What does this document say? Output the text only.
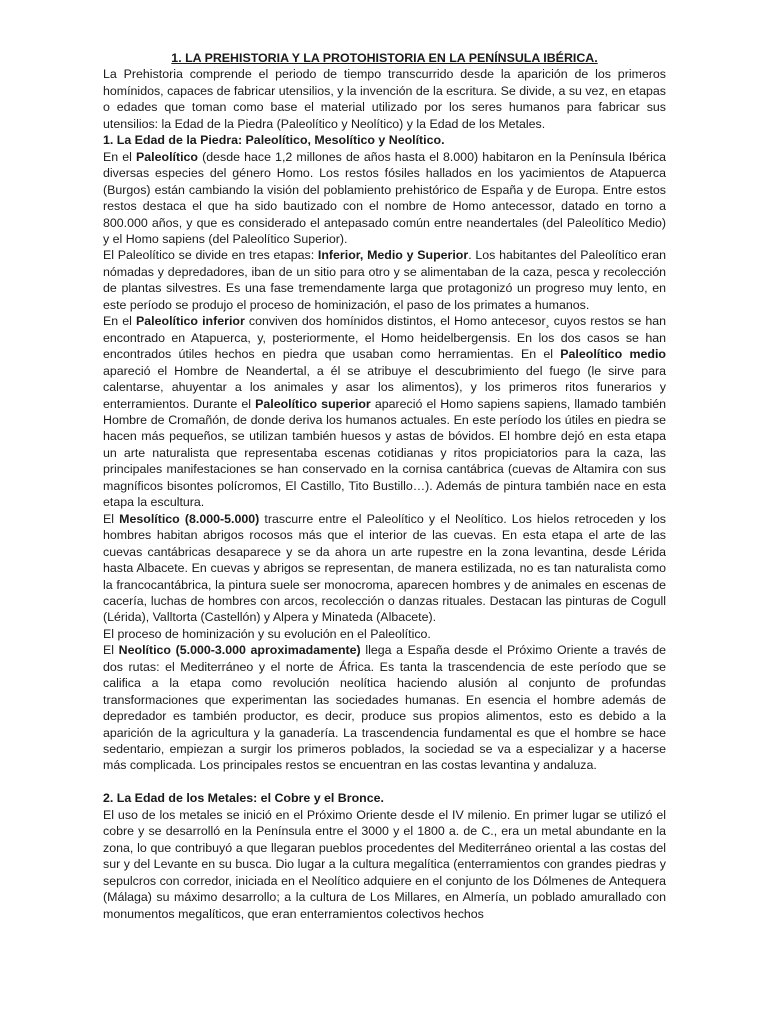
1. LA PREHISTORIA Y LA PROTOHISTORIA EN LA PENÍNSULA IBÉRICA.

La Prehistoria comprende el periodo de tiempo transcurrido desde la aparición de los primeros homínidos, capaces de fabricar utensilios, y la invención de la escritura. Se divide, a su vez, en etapas o edades que toman como base el material utilizado por los seres humanos para fabricar sus utensilios: la Edad de la Piedra (Paleolítico y Neolítico) y la Edad de los Metales.

1. La Edad de la Piedra: Paleolítico, Mesolítico y Neolítico.

En el Paleolítico (desde hace 1,2 millones de años hasta el 8.000) habitaron en la Península Ibérica diversas especies del género Homo. Los restos fósiles hallados en los yacimientos de Atapuerca (Burgos) están cambiando la visión del poblamiento prehistórico de España y de Europa. Entre estos restos destaca el que ha sido bautizado con el nombre de Homo antecessor, datado en torno a 800.000 años, y que es considerado el antepasado común entre neandertales (del Paleolítico Medio) y el Homo sapiens (del Paleolítico Superior).

El Paleolítico se divide en tres etapas: Inferior, Medio y Superior. Los habitantes del Paleolítico eran nómadas y depredadores, iban de un sitio para otro y se alimentaban de la caza, pesca y recolección de plantas silvestres. Es una fase tremendamente larga que protagonizó un progreso muy lento, en este período se produjo el proceso de hominización, el paso de los primates a humanos.

En el Paleolítico inferior conviven dos homínidos distintos, el Homo antecesor¸ cuyos restos se han encontrado en Atapuerca, y, posteriormente, el Homo heidelbergensis. En los dos casos se han encontrados útiles hechos en piedra que usaban como herramientas. En el Paleolítico medio apareció el Hombre de Neandertal, a él se atribuye el descubrimiento del fuego (le sirve para calentarse, ahuyentar a los animales y asar los alimentos), y los primeros ritos funerarios y enterramientos. Durante el Paleolítico superior apareció el Homo sapiens sapiens, llamado también Hombre de Cromañón, de donde deriva los humanos actuales. En este período los útiles en piedra se hacen más pequeños, se utilizan también huesos y astas de bóvidos. El hombre dejó en esta etapa un arte naturalista que representaba escenas cotidianas y ritos propiciatorios para la caza, las principales manifestaciones se han conservado en la cornisa cantábrica (cuevas de Altamira con sus magníficos bisontes polícromos, El Castillo, Tito Bustillo…). Además de pintura también nace en esta etapa la escultura.

El Mesolítico (8.000-5.000) trascurre entre el Paleolítico y el Neolítico. Los hielos retroceden y los hombres habitan abrigos rocosos más que el interior de las cuevas. En esta etapa el arte de las cuevas cantábricas desaparece y se da ahora un arte rupestre en la zona levantina, desde Lérida hasta Albacete. En cuevas y abrigos se representan, de manera estilizada, no es tan naturalista como la francocantábrica, la pintura suele ser monocroma, aparecen hombres y de animales en escenas de cacería, luchas de hombres con arcos, recolección o danzas rituales. Destacan las pinturas de Cogull (Lérida), Valltorta (Castellón) y Alpera y Minateda (Albacete).

El proceso de hominización y su evolución en el Paleolítico.

El Neolítico (5.000-3.000 aproximadamente) llega a España desde el Próximo Oriente a través de dos rutas: el Mediterráneo y el norte de África. Es tanta la trascendencia de este período que se califica a la etapa como revolución neolítica haciendo alusión al conjunto de profundas transformaciones que experimentan las sociedades humanas. En esencia el hombre además de depredador es también productor, es decir, produce sus propios alimentos, esto es debido a la aparición de la agricultura y la ganadería. La trascendencia fundamental es que el hombre se hace sedentario, empiezan a surgir los primeros poblados, la sociedad se va a especializar y a hacerse más complicada. Los principales restos se encuentran en las costas levantina y andaluza.

2. La Edad de los Metales: el Cobre y el Bronce.

El uso de los metales se inició en el Próximo Oriente desde el IV milenio. En primer lugar se utilizó el cobre y se desarrolló en la Península entre el 3000 y el 1800 a. de C., era un metal abundante en la zona, lo que contribuyó a que llegaran pueblos procedentes del Mediterráneo oriental a las costas del sur y del Levante en su busca. Dio lugar a la cultura megalítica (enterramientos con grandes piedras y sepulcros con corredor, iniciada en el Neolítico adquiere en el conjunto de los Dólmenes de Antequera (Málaga) su máximo desarrollo; a la cultura de Los Millares, en Almería, un poblado amurallado con monumentos megalíticos, que eran enterramientos colectivos hechos
